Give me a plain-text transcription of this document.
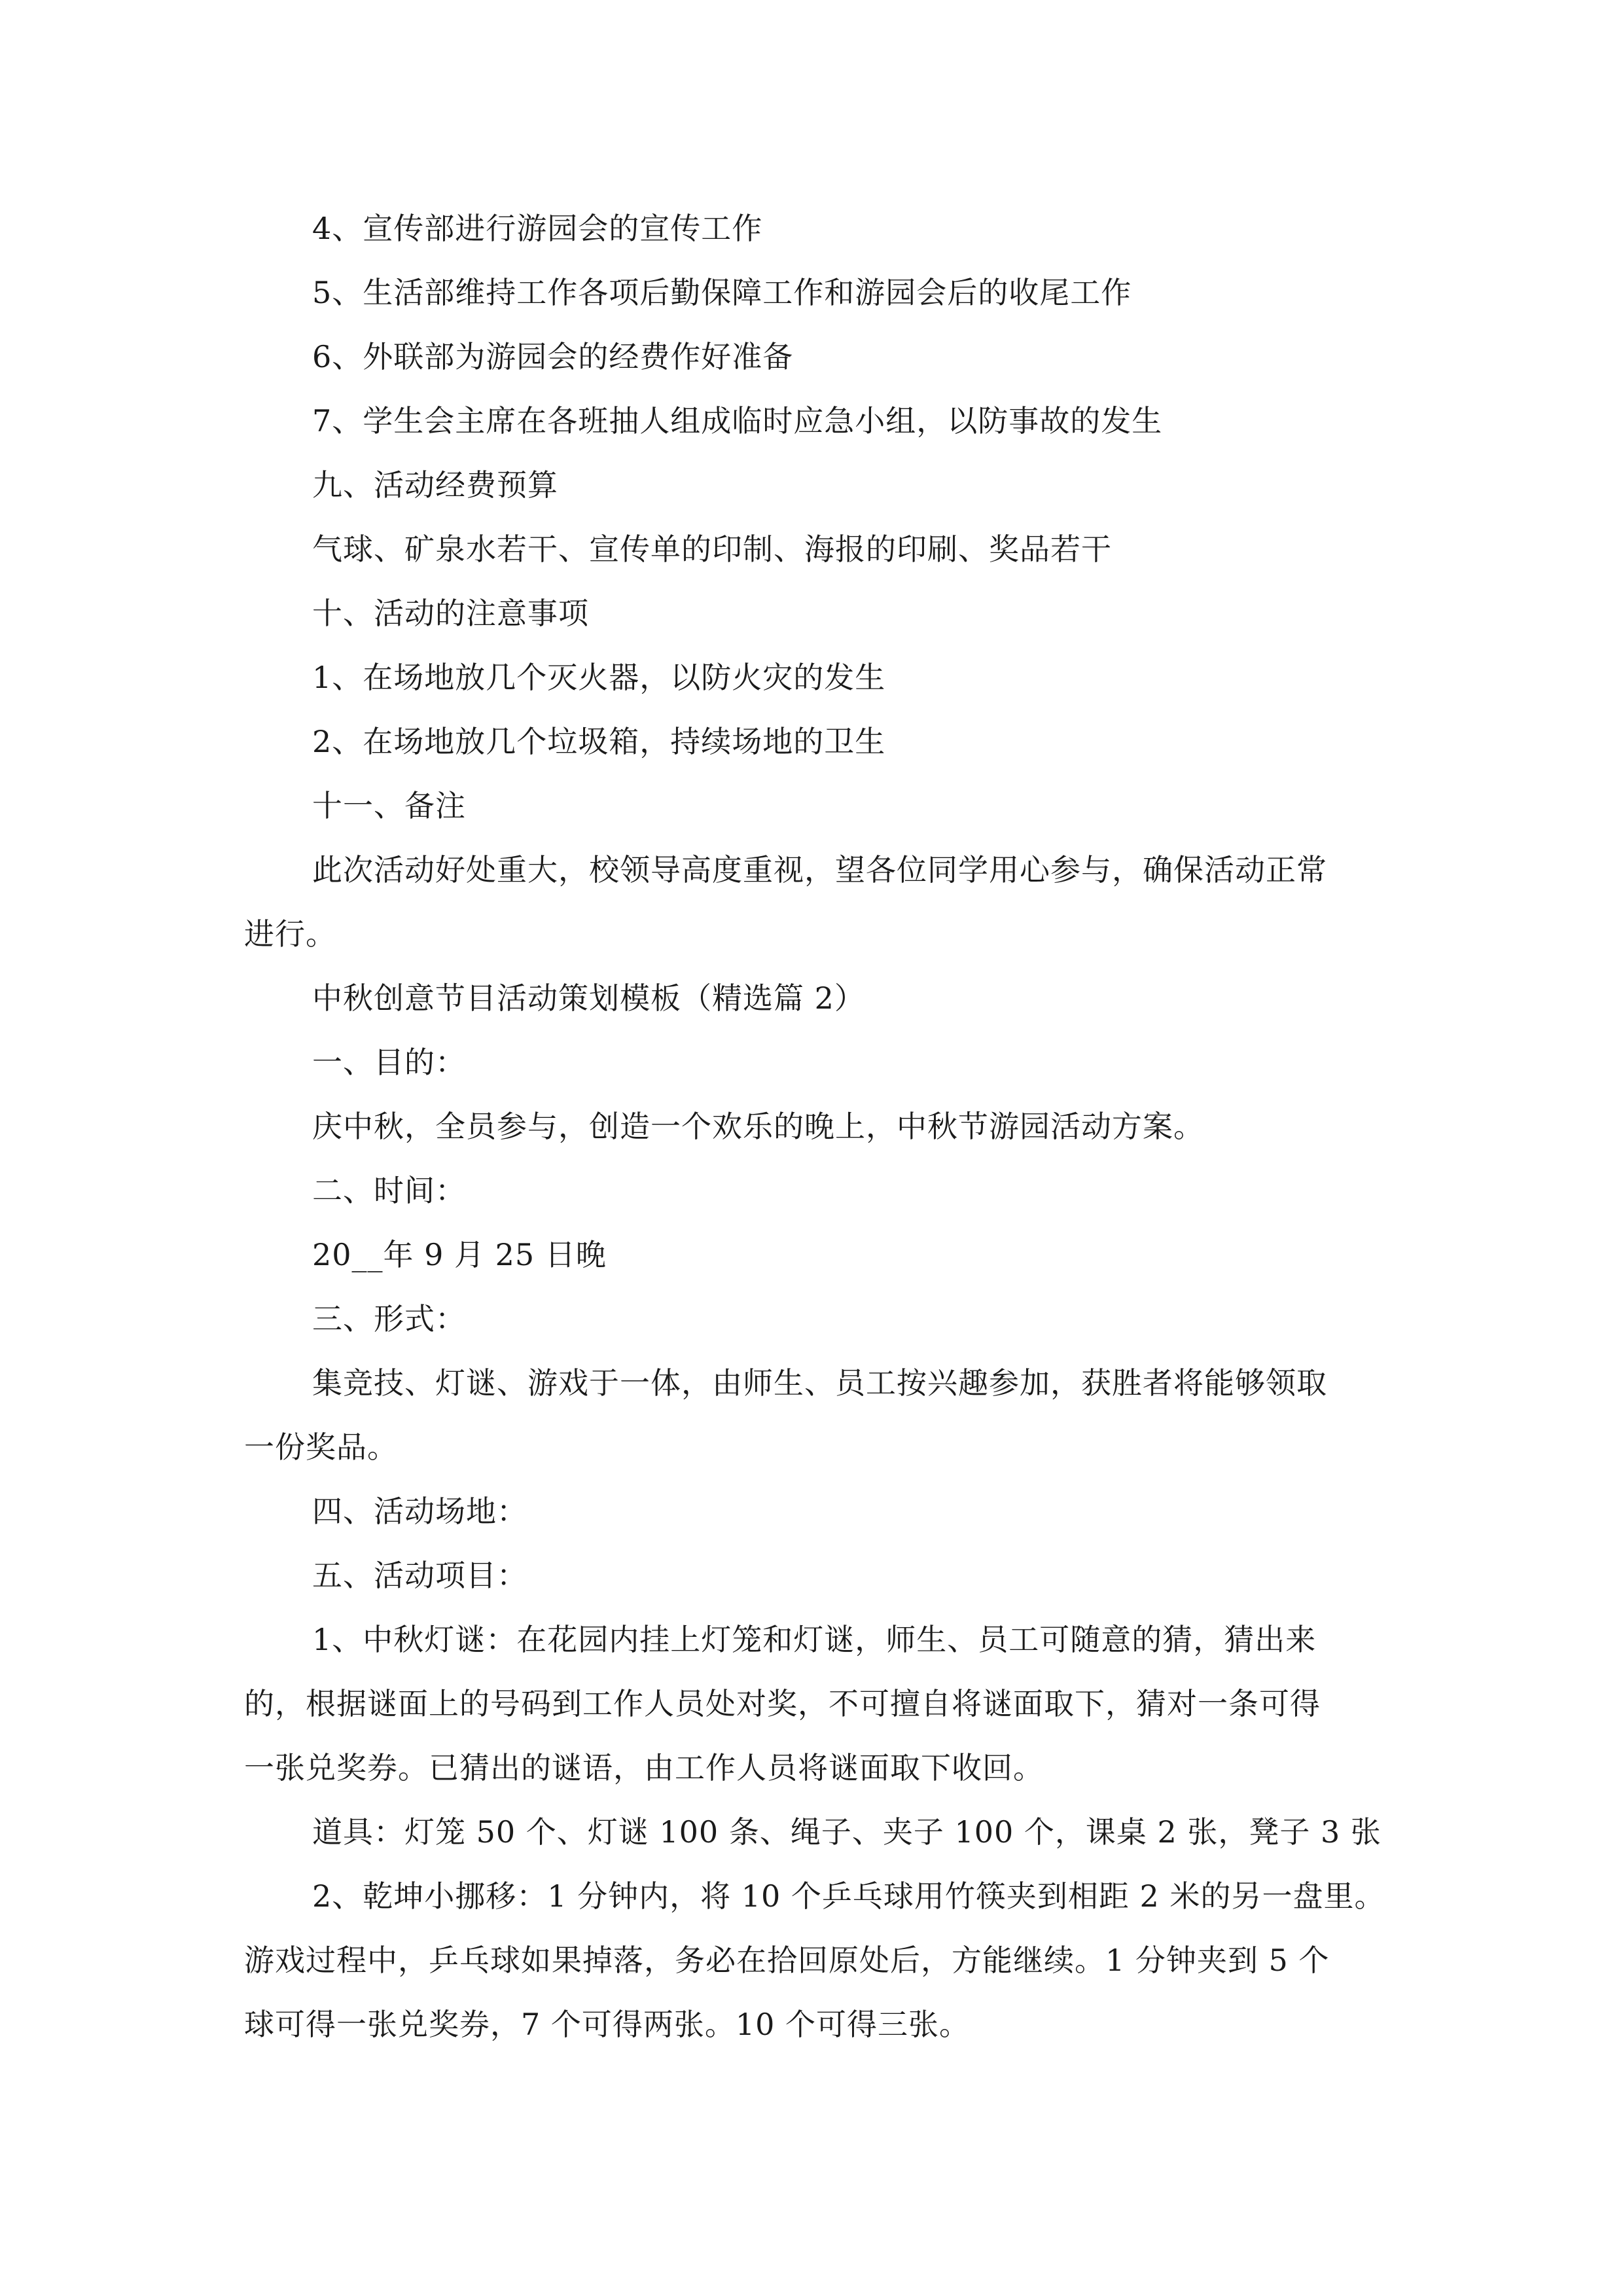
4、宣传部进行游园会的宣传工作

5、生活部维持工作各项后勤保障工作和游园会后的收尾工作

6、外联部为游园会的经费作好准备

7、学生会主席在各班抽人组成临时应急小组，以防事故的发生

九、活动经费预算

气球、矿泉水若干、宣传单的印制、海报的印刷、奖品若干

十、活动的注意事项

1、在场地放几个灭火器，以防火灾的发生

2、在场地放几个垃圾箱，持续场地的卫生

十一、备注

此次活动好处重大，校领导高度重视，望各位同学用心参与，确保活动正常

进行。

中秋创意节目活动策划模板（精选篇 2）

一、目的：

庆中秋，全员参与，创造一个欢乐的晚上，中秋节游园活动方案。

二、时间：

20__年 9 月 25 日晚

三、形式：

集竞技、灯谜、游戏于一体，由师生、员工按兴趣参加，获胜者将能够领取

一份奖品。

四、活动场地：

五、活动项目：

1、中秋灯谜：在花园内挂上灯笼和灯谜，师生、员工可随意的猜，猜出来

的，根据谜面上的号码到工作人员处对奖，不可擅自将谜面取下，猜对一条可得

一张兑奖券。已猜出的谜语，由工作人员将谜面取下收回。

道具：灯笼 50 个、灯谜 100 条、绳子、夹子 100 个，课桌 2 张，凳子 3 张

2、乾坤小挪移：1 分钟内，将 10 个乒乓球用竹筷夹到相距 2 米的另一盘里。

游戏过程中，乒乓球如果掉落，务必在拾回原处后，方能继续。1 分钟夹到 5 个

球可得一张兑奖券，7 个可得两张。10 个可得三张。
